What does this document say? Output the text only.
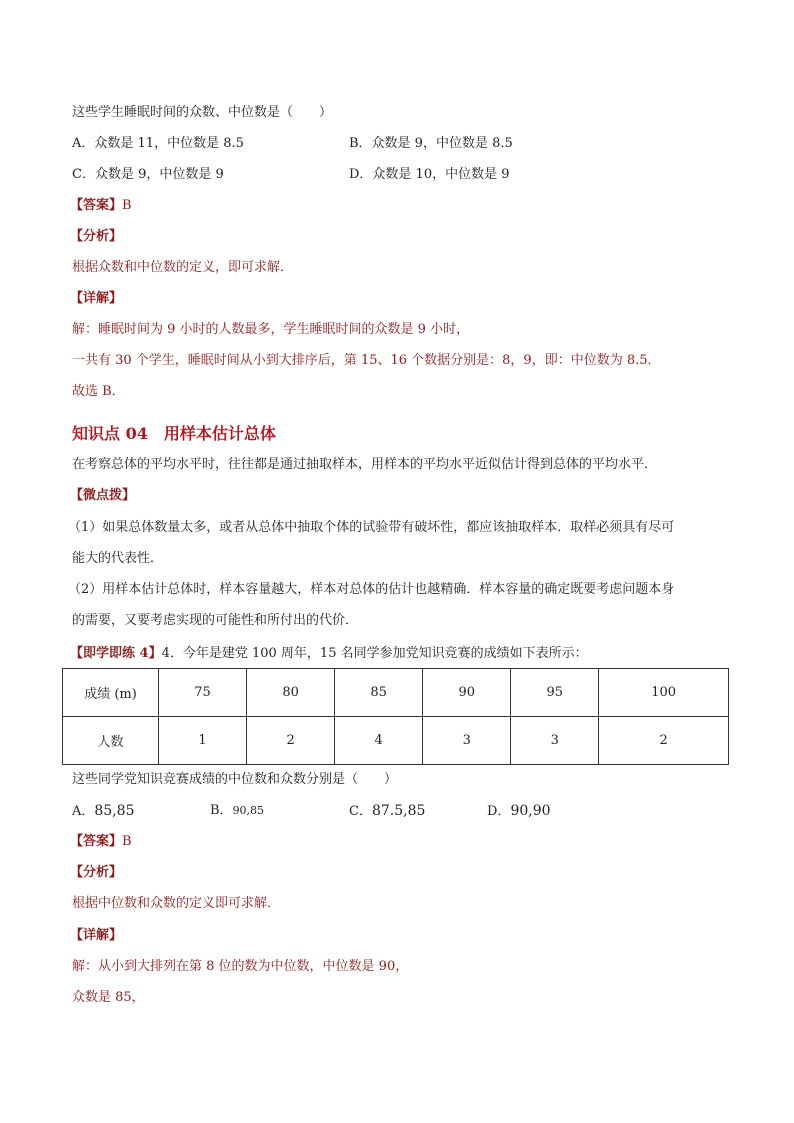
这些学生睡眠时间的众数、中位数是（　　）
A．众数是 11，中位数是 8.5	B．众数是 9，中位数是 8.5
C．众数是 9，中位数是 9	D．众数是 10，中位数是 9
【答案】B
【分析】
根据众数和中位数的定义，即可求解．
【详解】
解：睡眠时间为 9 小时的人数最多，学生睡眠时间的众数是 9 小时，
一共有 30 个学生，睡眠时间从小到大排序后，第 15、16 个数据分别是：8，9，即：中位数为 8.5．
故选 B．
知识点 04　用样本估计总体
在考察总体的平均水平时，往往都是通过抽取样本，用样本的平均水平近似估计得到总体的平均水平．
【微点拨】
（1）如果总体数量太多，或者从总体中抽取个体的试验带有破坏性，都应该抽取样本．取样必须具有尽可
能大的代表性．
（2）用样本估计总体时，样本容量越大，样本对总体的估计也越精确．样本容量的确定既要考虑问题本身
的需要，又要考虑实现的可能性和所付出的代价．
【即学即练 4】4．今年是建党 100 周年，15 名同学参加党知识竞赛的成绩如下表所示：
成绩 (m)	75	80	85	90	95	100
人数	1	2	4	3	3	2
这些同学党知识竞赛成绩的中位数和众数分别是（　　）
A．85,85	B．90,85	C．87.5,85	D．90,90
【答案】B
【分析】
根据中位数和众数的定义即可求解．
【详解】
解：从小到大排列在第 8 位的数为中位数，中位数是 90，
众数是 85，
